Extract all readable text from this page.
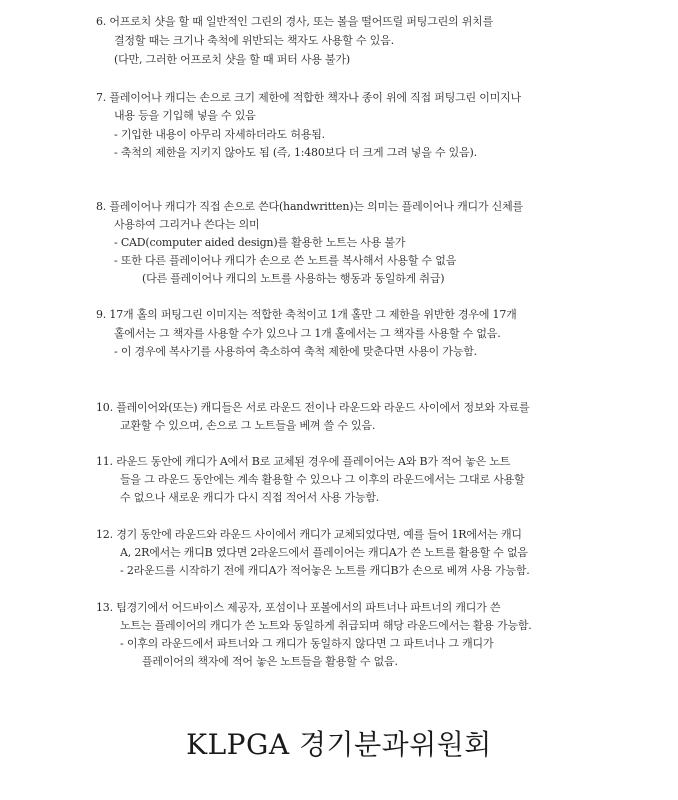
6. 어프로치 샷을 할 때 일반적인 그린의 경사, 또는 볼을 떨어뜨릴 퍼팅그린의 위치를
결정할 때는 크기나 축척에 위반되는 책자도 사용할 수 있음.
(다만, 그러한 어프로치 샷을 할 때 퍼터 사용 불가)
7. 플레이어나 캐디는 손으로 크기 제한에 적합한 책자나 종이 위에 직접 퍼팅그린 이미지나
내용 등을 기입해 넣을 수 있음
- 기입한 내용이 아무리 자세하더라도 허용됨.
- 축척의 제한을 지키지 않아도 됨 (즉, 1:480보다 더 크게 그려 넣을 수 있음).
8. 플레이어나 캐디가 직접 손으로 쓴다(handwritten)는 의미는 플레이어나 캐디가 신체를
사용하여 그리거나 쓴다는 의미
- CAD(computer aided design)를 활용한 노트는 사용 불가
- 또한 다른 플레이어나 캐디가 손으로 쓴 노트를 복사해서 사용할 수 없음
(다른 플레이어나 캐디의 노트를 사용하는 행동과 동일하게 취급)
9. 17개 홀의 퍼팅그린 이미지는 적합한 축척이고 1개 홀만 그 제한을 위반한 경우에 17개
홀에서는 그 책자를 사용할 수가 있으나 그 1개 홀에서는 그 책자를 사용할 수 없음.
- 이 경우에 복사기를 사용하여 축소하여 축척 제한에 맞춘다면 사용이 가능함.
10. 플레이어와(또는) 캐디들은 서로 라운드 전이나 라운드와 라운드 사이에서 정보와 자료를
교환할 수 있으며, 손으로 그 노트들을 베껴 쓸 수 있음.
11. 라운드 동안에 캐디가 A에서 B로 교체된 경우에 플레이어는 A와 B가 적어 놓은 노트
들을 그 라운드 동안에는 계속 활용할 수 있으나 그 이후의 라운드에서는 그대로 사용할
수 없으나 새로운 캐디가 다시 직접 적어서 사용 가능함.
12. 경기 동안에 라운드와 라운드 사이에서 캐디가 교체되었다면, 예를 들어 1R에서는 캐디
A, 2R에서는 캐디B 였다면 2라운드에서 플레이어는 캐디A가 쓴 노트를 활용할 수 없음
- 2라운드를 시작하기 전에 캐디A가 적어놓은 노트를 캐디B가 손으로 베껴 사용 가능함.
13. 팀경기에서 어드바이스 제공자, 포섬이나 포볼에서의 파트너나 파트너의 캐디가 쓴
노트는 플레이어의 캐디가 쓴 노트와 동일하게 취급되며 해당 라운드에서는 활용 가능함.
- 이후의 라운드에서 파트너와 그 캐디가 동일하지 않다면 그 파트너나 그 캐디가
플레이어의 책자에 적어 놓은 노트들을 활용할 수 없음.
KLPGA 경기분과위원회
